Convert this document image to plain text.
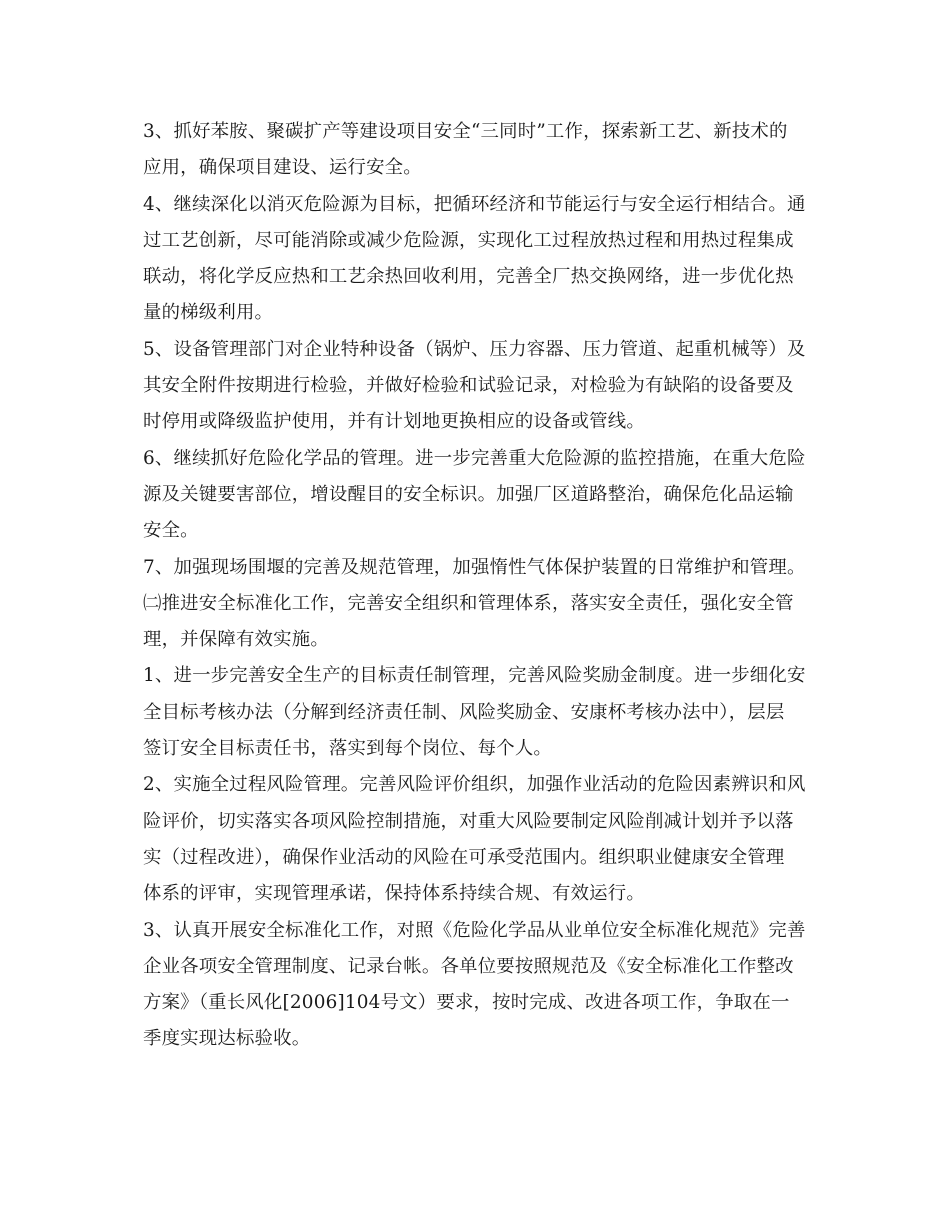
3、抓好苯胺、聚碳扩产等建设项目安全“三同时”工作，探索新工艺、新技术的
应用，确保项目建设、运行安全。

4、继续深化以消灭危险源为目标，把循环经济和节能运行与安全运行相结合。通
过工艺创新，尽可能消除或减少危险源，实现化工过程放热过程和用热过程集成
联动，将化学反应热和工艺余热回收利用，完善全厂热交换网络，进一步优化热
量的梯级利用。

5、设备管理部门对企业特种设备（锅炉、压力容器、压力管道、起重机械等）及
其安全附件按期进行检验，并做好检验和试验记录，对检验为有缺陷的设备要及
时停用或降级监护使用，并有计划地更换相应的设备或管线。

6、继续抓好危险化学品的管理。进一步完善重大危险源的监控措施，在重大危险
源及关键要害部位，增设醒目的安全标识。加强厂区道路整治，确保危化品运输
安全。

7、加强现场围堰的完善及规范管理，加强惰性气体保护装置的日常维护和管理。

㈡推进安全标准化工作，完善安全组织和管理体系，落实安全责任，强化安全管
理，并保障有效实施。

1、进一步完善安全生产的目标责任制管理，完善风险奖励金制度。进一步细化安
全目标考核办法（分解到经济责任制、风险奖励金、安康杯考核办法中），层层
签订安全目标责任书，落实到每个岗位、每个人。

2、实施全过程风险管理。完善风险评价组织，加强作业活动的危险因素辨识和风
险评价，切实落实各项风险控制措施，对重大风险要制定风险削减计划并予以落
实（过程改进），确保作业活动的风险在可承受范围内。组织职业健康安全管理
体系的评审，实现管理承诺，保持体系持续合规、有效运行。

3、认真开展安全标准化工作，对照《危险化学品从业单位安全标准化规范》完善
企业各项安全管理制度、记录台帐。各单位要按照规范及《安全标准化工作整改
方案》（重长风化[2006]104号文）要求，按时完成、改进各项工作，争取在一
季度实现达标验收。
